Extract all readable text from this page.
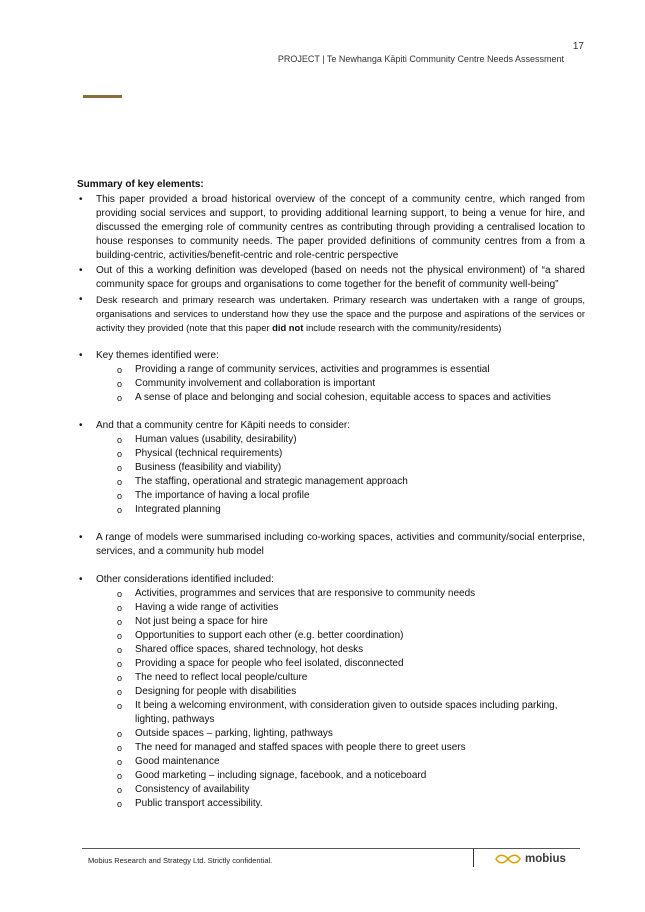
17
PROJECT | Te Newhanga Kāpiti Community Centre Needs Assessment
Summary of key elements:
• This paper provided a broad historical overview of the concept of a community centre, which ranged from providing social services and support, to providing additional learning support, to being a venue for hire, and discussed the emerging role of community centres as contributing through providing a centralised location to house responses to community needs. The paper provided definitions of community centres from a from a building-centric, activities/benefit-centric and role-centric perspective
• Out of this a working definition was developed (based on needs not the physical environment) of “a shared community space for groups and organisations to come together for the benefit of community well-being”
• Desk research and primary research was undertaken. Primary research was undertaken with a range of groups, organisations and services to understand how they use the space and the purpose and aspirations of the services or activity they provided (note that this paper did not include research with the community/residents)
• Key themes identified were:
o Providing a range of community services, activities and programmes is essential
o Community involvement and collaboration is important
o A sense of place and belonging and social cohesion, equitable access to spaces and activities
• And that a community centre for Kāpiti needs to consider:
o Human values (usability, desirability)
o Physical (technical requirements)
o Business (feasibility and viability)
o The staffing, operational and strategic management approach
o The importance of having a local profile
o Integrated planning
• A range of models were summarised including co-working spaces, activities and community/social enterprise, services, and a community hub model
• Other considerations identified included:
o Activities, programmes and services that are responsive to community needs
o Having a wide range of activities
o Not just being a space for hire
o Opportunities to support each other (e.g. better coordination)
o Shared office spaces, shared technology, hot desks
o Providing a space for people who feel isolated, disconnected
o The need to reflect local people/culture
o Designing for people with disabilities
o It being a welcoming environment, with consideration given to outside spaces including parking, lighting, pathways
o Outside spaces – parking, lighting, pathways
o The need for managed and staffed spaces with people there to greet users
o Good maintenance
o Good marketing – including signage, facebook, and a noticeboard
o Consistency of availability
o Public transport accessibility.
Mobius Research and Strategy Ltd. Strictly confidential.	mobius
